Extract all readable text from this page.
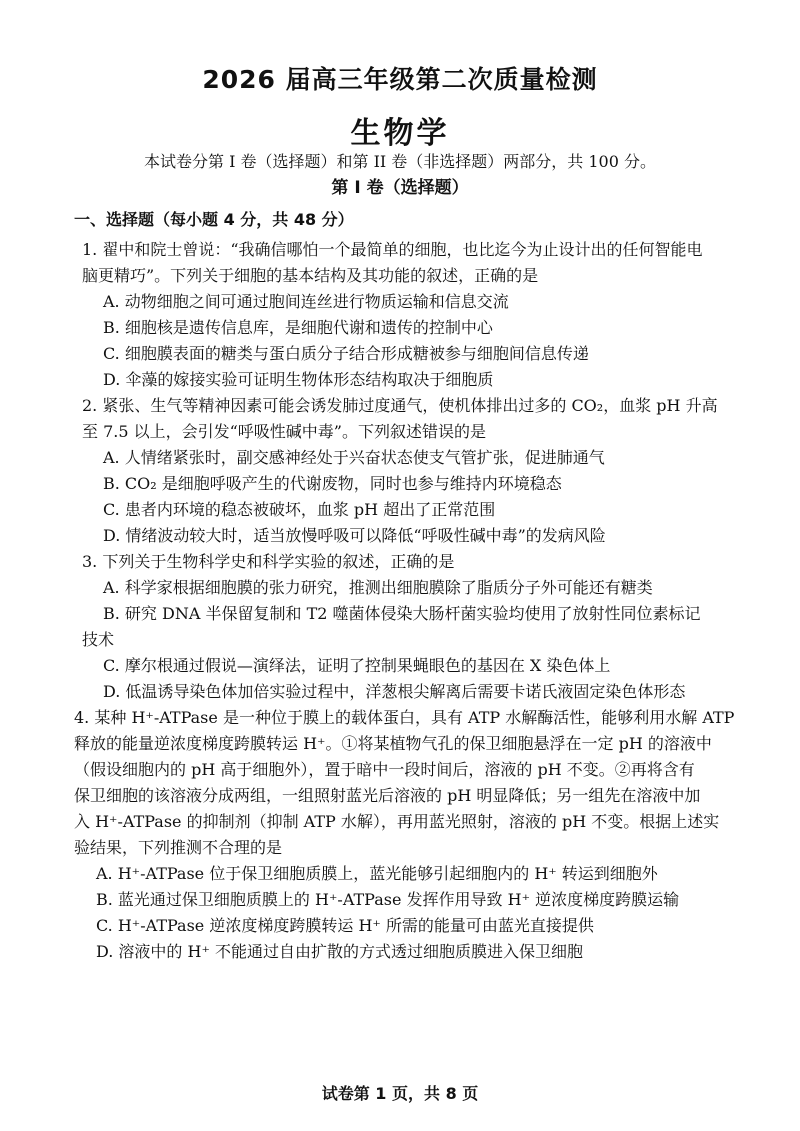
2026 届高三年级第二次质量检测
生物学
本试卷分第 I 卷（选择题）和第 II 卷（非选择题）两部分，共 100 分。
第 I 卷（选择题）
一、选择题（每小题 4 分，共 48 分）
1. 翟中和院士曾说：“我确信哪怕一个最简单的细胞，也比迄今为止设计出的任何智能电
脑更精巧”。下列关于细胞的基本结构及其功能的叙述，正确的是
A. 动物细胞之间可通过胞间连丝进行物质运输和信息交流
B. 细胞核是遗传信息库，是细胞代谢和遗传的控制中心
C. 细胞膜表面的糖类与蛋白质分子结合形成糖被参与细胞间信息传递
D. 伞藻的嫁接实验可证明生物体形态结构取决于细胞质
2. 紧张、生气等精神因素可能会诱发肺过度通气，使机体排出过多的 CO₂，血浆 pH 升高
至 7.5 以上，会引发“呼吸性碱中毒”。下列叙述错误的是
A. 人情绪紧张时，副交感神经处于兴奋状态使支气管扩张，促进肺通气
B. CO₂ 是细胞呼吸产生的代谢废物，同时也参与维持内环境稳态
C. 患者内环境的稳态被破坏，血浆 pH 超出了正常范围
D. 情绪波动较大时，适当放慢呼吸可以降低“呼吸性碱中毒”的发病风险
3. 下列关于生物科学史和科学实验的叙述，正确的是
A. 科学家根据细胞膜的张力研究，推测出细胞膜除了脂质分子外可能还有糖类
B. 研究 DNA 半保留复制和 T2 噬菌体侵染大肠杆菌实验均使用了放射性同位素标记
技术
C. 摩尔根通过假说—演绎法，证明了控制果蝇眼色的基因在 X 染色体上
D. 低温诱导染色体加倍实验过程中，洋葱根尖解离后需要卡诺氏液固定染色体形态
4. 某种 H⁺-ATPase 是一种位于膜上的载体蛋白，具有 ATP 水解酶活性，能够利用水解 ATP
释放的能量逆浓度梯度跨膜转运 H⁺。①将某植物气孔的保卫细胞悬浮在一定 pH 的溶液中
（假设细胞内的 pH 高于细胞外），置于暗中一段时间后，溶液的 pH 不变。②再将含有
保卫细胞的该溶液分成两组，一组照射蓝光后溶液的 pH 明显降低；另一组先在溶液中加
入 H⁺-ATPase 的抑制剂（抑制 ATP 水解），再用蓝光照射，溶液的 pH 不变。根据上述实
验结果，下列推测不合理的是
A. H⁺-ATPase 位于保卫细胞质膜上，蓝光能够引起细胞内的 H⁺ 转运到细胞外
B. 蓝光通过保卫细胞质膜上的 H⁺-ATPase 发挥作用导致 H⁺ 逆浓度梯度跨膜运输
C. H⁺-ATPase 逆浓度梯度跨膜转运 H⁺ 所需的能量可由蓝光直接提供
D. 溶液中的 H⁺ 不能通过自由扩散的方式透过细胞质膜进入保卫细胞
试卷第 1 页，共 8 页
